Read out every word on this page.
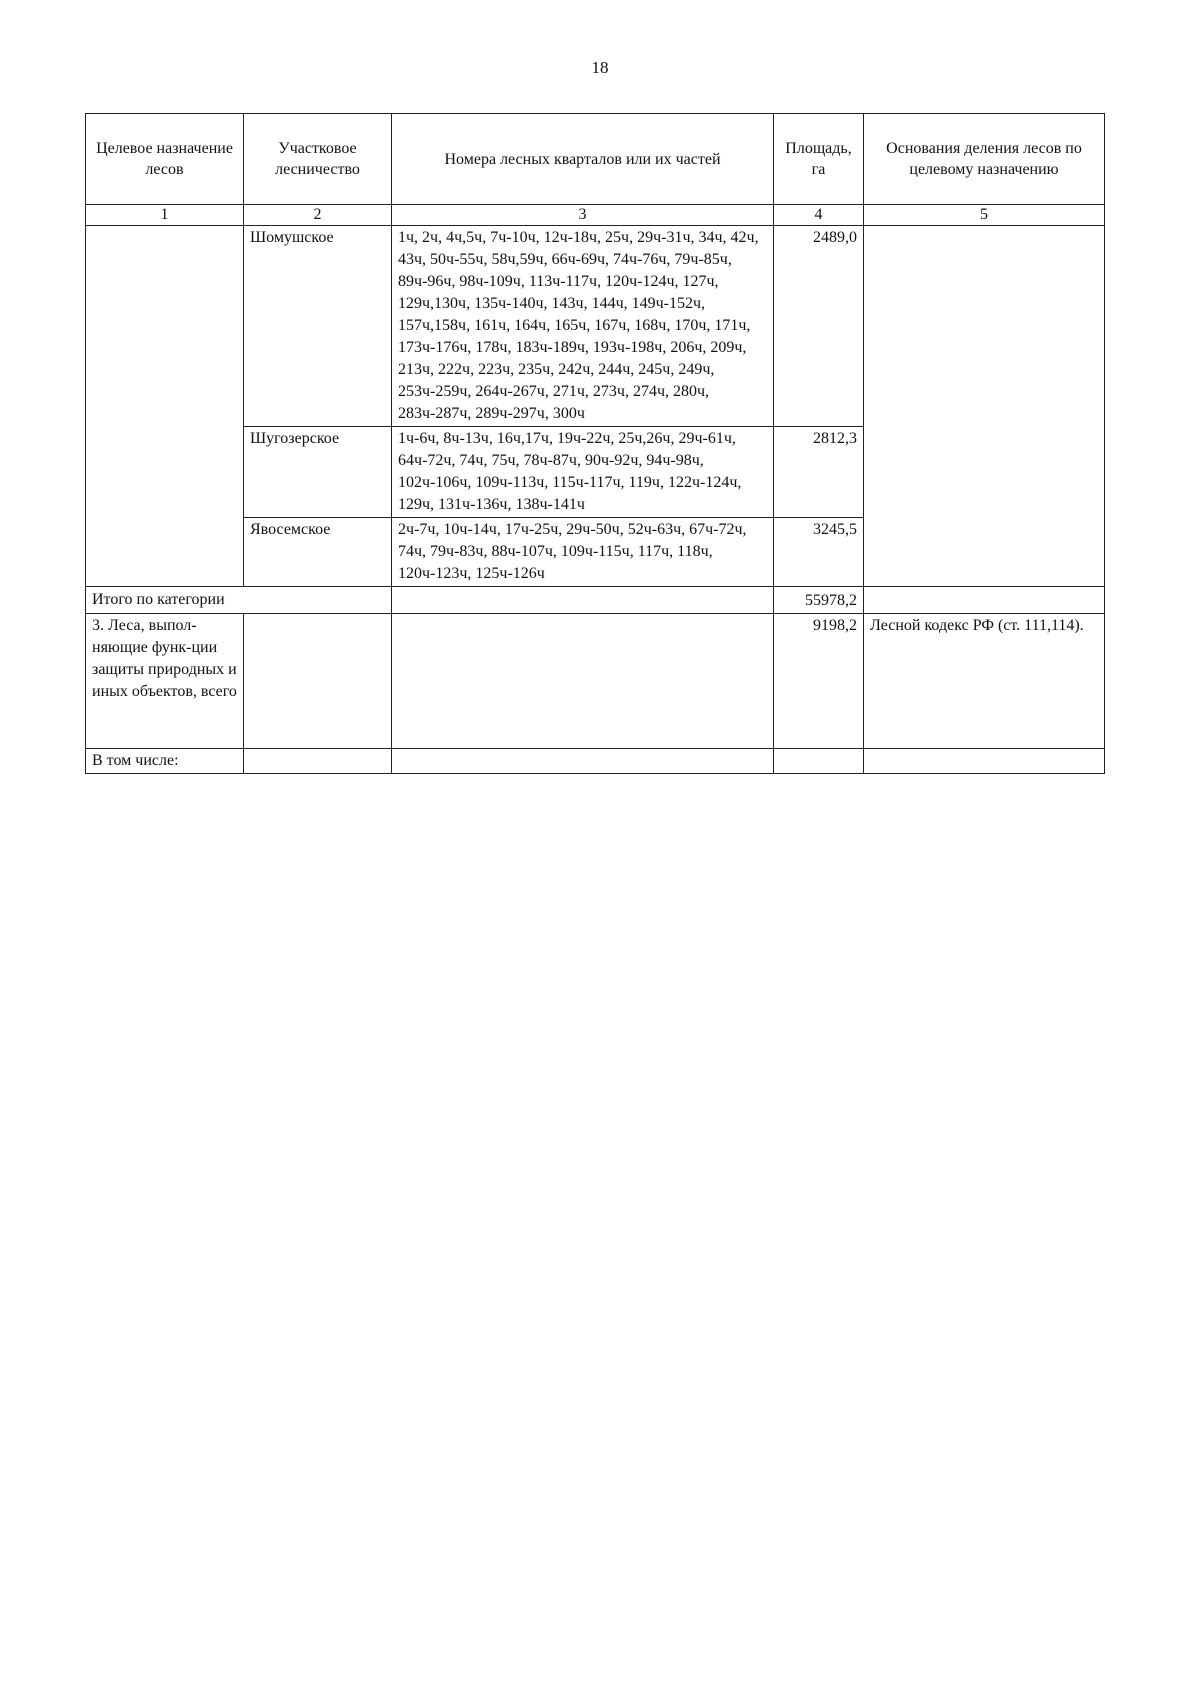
18
Целевое назначение лесов	Участковое лесничество	Номера лесных кварталов или их частей	Площадь, га	Основания деления лесов по целевому назначению
1	2	3	4	5
	Шомушское	1ч, 2ч, 4ч,5ч, 7ч-10ч, 12ч-18ч, 25ч, 29ч-31ч, 34ч, 42ч, 43ч, 50ч-55ч, 58ч,59ч, 66ч-69ч, 74ч-76ч, 79ч-85ч, 89ч-96ч, 98ч-109ч, 113ч-117ч, 120ч-124ч, 127ч, 129ч,130ч, 135ч-140ч, 143ч, 144ч, 149ч-152ч, 157ч,158ч, 161ч, 164ч, 165ч, 167ч, 168ч, 170ч, 171ч, 173ч-176ч, 178ч, 183ч-189ч, 193ч-198ч, 206ч, 209ч, 213ч, 222ч, 223ч, 235ч, 242ч, 244ч, 245ч, 249ч, 253ч-259ч, 264ч-267ч, 271ч, 273ч, 274ч, 280ч, 283ч-287ч, 289ч-297ч, 300ч	2489,0	
	Шугозерское	1ч-6ч, 8ч-13ч, 16ч,17ч, 19ч-22ч, 25ч,26ч, 29ч-61ч, 64ч-72ч, 74ч, 75ч, 78ч-87ч, 90ч-92ч, 94ч-98ч, 102ч-106ч, 109ч-113ч, 115ч-117ч, 119ч, 122ч-124ч, 129ч, 131ч-136ч, 138ч-141ч	2812,3	
	Явосемское	2ч-7ч, 10ч-14ч, 17ч-25ч, 29ч-50ч, 52ч-63ч, 67ч-72ч, 74ч, 79ч-83ч, 88ч-107ч, 109ч-115ч, 117ч, 118ч, 120ч-123ч, 125ч-126ч	3245,5	
Итого по категории			55978,2	
3. Леса, выпол-няющие функ-ции защиты природных и иных объектов, всего			9198,2	Лесной кодекс РФ (ст. 111,114).
В том числе:				
